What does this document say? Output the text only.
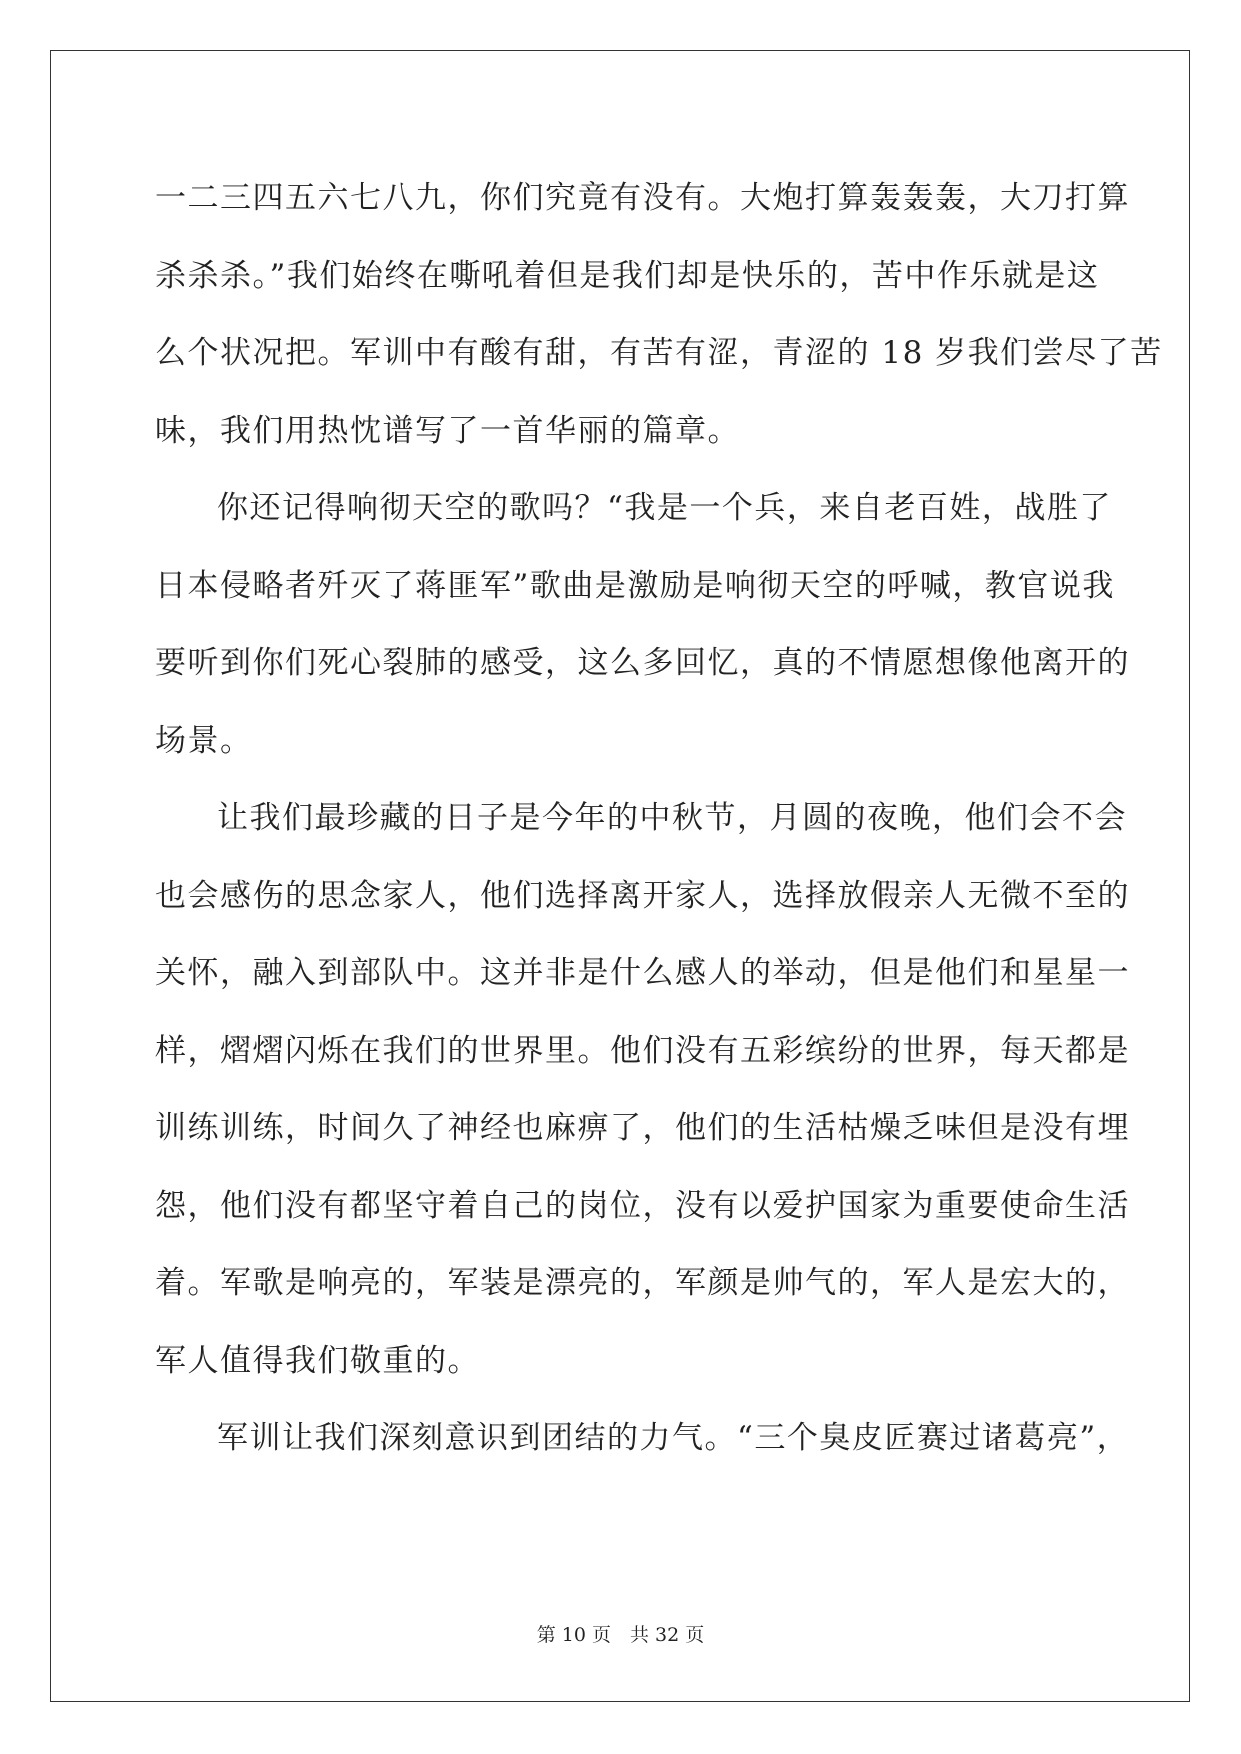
一二三四五六七八九，你们究竟有没有。大炮打算轰轰轰，大刀打算
杀杀杀。”我们始终在嘶吼着但是我们却是快乐的，苦中作乐就是这
么个状况把。军训中有酸有甜，有苦有涩，青涩的 18 岁我们尝尽了苦
味，我们用热忱谱写了一首华丽的篇章。
你还记得响彻天空的歌吗？“我是一个兵，来自老百姓，战胜了
日本侵略者歼灭了蒋匪军”歌曲是激励是响彻天空的呼喊，教官说我
要听到你们死心裂肺的感受，这么多回忆，真的不情愿想像他离开的
场景。
让我们最珍藏的日子是今年的中秋节，月圆的夜晚，他们会不会
也会感伤的思念家人，他们选择离开家人，选择放假亲人无微不至的
关怀，融入到部队中。这并非是什么感人的举动，但是他们和星星一
样，熠熠闪烁在我们的世界里。他们没有五彩缤纷的世界，每天都是
训练训练，时间久了神经也麻痹了，他们的生活枯燥乏味但是没有埋
怨，他们没有都坚守着自己的岗位，没有以爱护国家为重要使命生活
着。军歌是响亮的，军装是漂亮的，军颜是帅气的，军人是宏大的，
军人值得我们敬重的。
军训让我们深刻意识到团结的力气。“三个臭皮匠赛过诸葛亮”，
第 10 页　共 32 页
